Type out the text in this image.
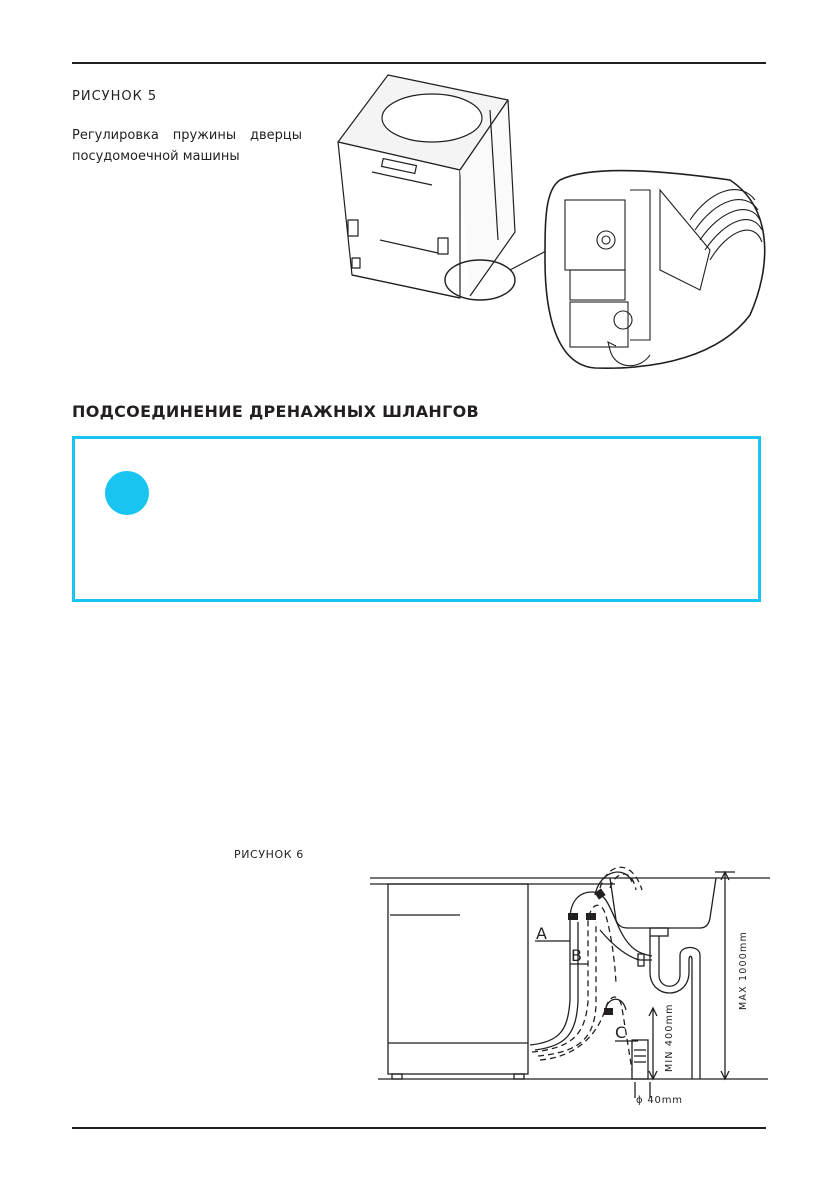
РИСУНОК 5
Регулировка пружины дверцы посудомоечной машины
ПОДСОЕДИНЕНИЕ ДРЕНАЖНЫХ ШЛАНГОВ
РИСУНОК 6
A
B
C
MAX 1000mm
MIN 400mm
ϕ 40mm
